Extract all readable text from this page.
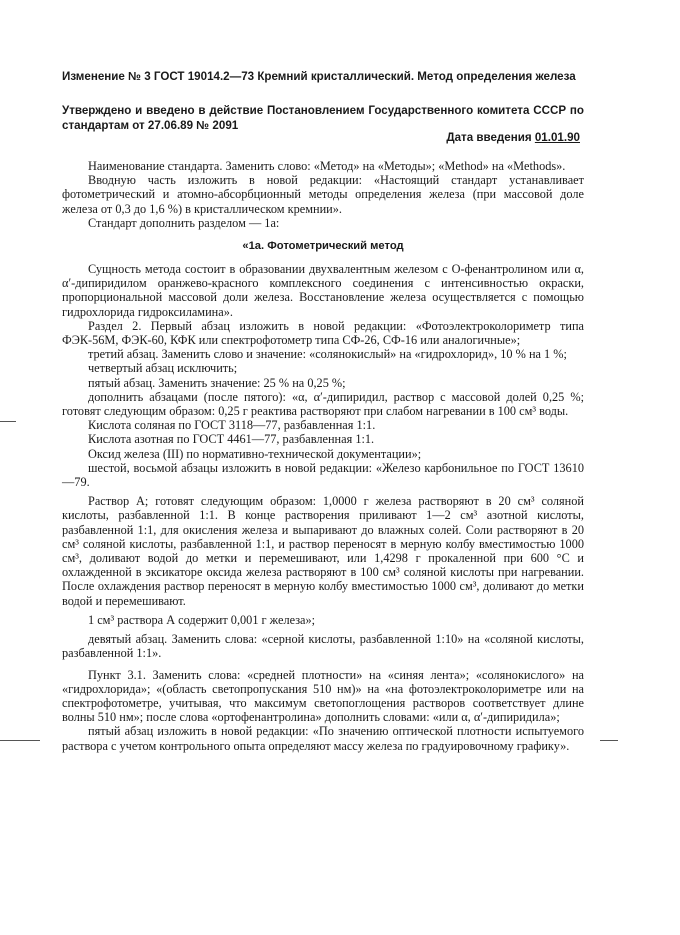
Изменение № 3 ГОСТ 19014.2—73 Кремний кристаллический. Метод определения железа

Утверждено и введено в действие Постановлением Государственного комитета СССР по стандартам от 27.06.89 № 2091

Дата введения 01.01.90

Наименование стандарта. Заменить слово: «Метод» на «Методы»; «Method» на «Methods».

Вводную часть изложить в новой редакции: «Настоящий стандарт устанавливает фотометрический и атомно-абсорбционный методы определения железа (при массовой доле железа от 0,3 до 1,6 %) в кристаллическом кремнии».

Стандарт дополнить разделом — 1а:

«1а. Фотометрический метод

Сущность метода состоит в образовании двухвалентным железом с О-фенантролином или α, α′-дипиридилом оранжево-красного комплексного соединения с интенсивностью окраски, пропорциональной массовой доли железа. Восстановление железа осуществляется с помощью гидрохлорида гидроксиламина».

Раздел 2. Первый абзац изложить в новой редакции: «Фотоэлектроколориметр типа ФЭК-56М, ФЭК-60, КФК или спектрофотометр типа СФ-26, СФ-16 или аналогичные»;

третий абзац. Заменить слово и значение: «солянокислый» на «гидрохлорид», 10 % на 1 %;

четвертый абзац исключить;

пятый абзац. Заменить значение: 25 % на 0,25 %;

дополнить абзацами (после пятого): «α, α′-дипиридил, раствор с массовой долей 0,25 %; готовят следующим образом: 0,25 г реактива растворяют при слабом нагревании в 100 см³ воды.

Кислота соляная по ГОСТ 3118—77, разбавленная 1:1.

Кислота азотная по ГОСТ 4461—77, разбавленная 1:1.

Оксид железа (III) по нормативно-технической документации»;

шестой, восьмой абзацы изложить в новой редакции: «Железо карбонильное по ГОСТ 13610—79.

Раствор А; готовят следующим образом: 1,0000 г железа растворяют в 20 см³ соляной кислоты, разбавленной 1:1. В конце растворения приливают 1—2 см³ азотной кислоты, разбавленной 1:1, для окисления железа и выпаривают до влажных солей. Соли растворяют в 20 см³ соляной кислоты, разбавленной 1:1, и раствор переносят в мерную колбу вместимостью 1000 см³, доливают водой до метки и перемешивают, или 1,4298 г прокаленной при 600 °С и охлажденной в эксикаторе оксида железа растворяют в 100 см³ соляной кислоты при нагревании. После охлаждения раствор переносят в мерную колбу вместимостью 1000 см³, доливают до метки водой и перемешивают.

1 см³ раствора А содержит 0,001 г железа»;

девятый абзац. Заменить слова: «серной кислоты, разбавленной 1:10» на «соляной кислоты, разбавленной 1:1».

Пункт 3.1. Заменить слова: «средней плотности» на «синяя лента»; «солянокислого» на «гидрохлорида»; «(область светопропускания 510 нм)» на «на фотоэлектроколориметре или на спектрофотометре, учитывая, что максимум светопоглощения растворов соответствует длине волны 510 нм»; после слова «ортофенантролина» дополнить словами: «или α, α′-дипиридила»;

пятый абзац изложить в новой редакции: «По значению оптической плотности испытуемого раствора с учетом контрольного опыта определяют массу железа по градуировочному графику».
